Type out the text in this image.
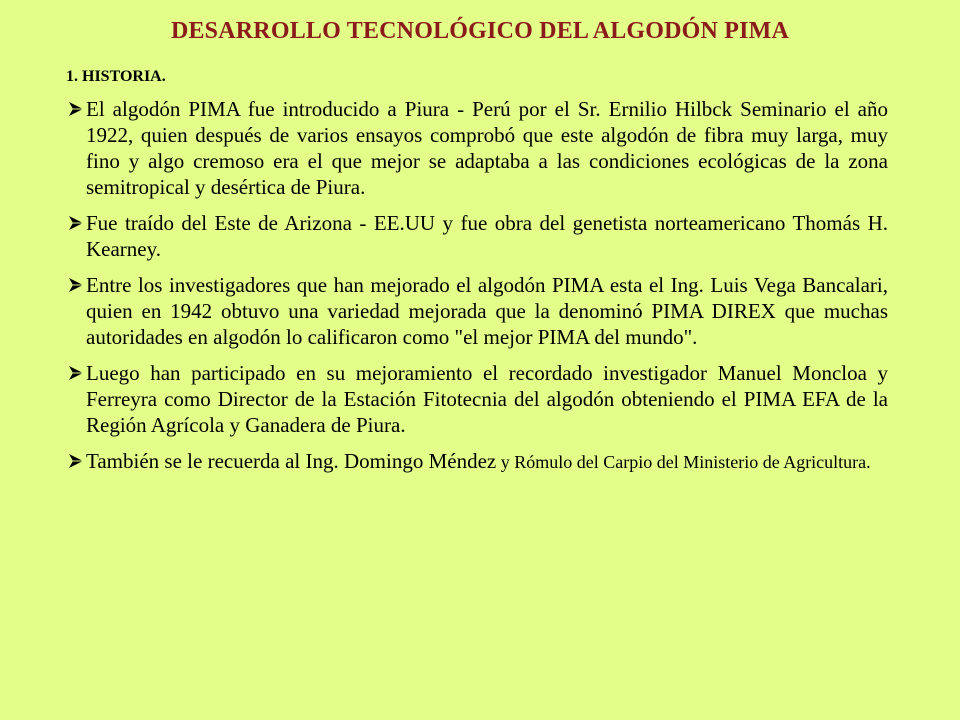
DESARROLLO TECNOLÓGICO DEL ALGODÓN PIMA
1. HISTORIA.
El algodón PIMA fue introducido a Piura - Perú por el Sr. Ernilio Hilbck Seminario el año 1922, quien después de varios ensayos comprobó que este algodón de fibra muy larga, muy fino y algo cremoso era el que mejor se adaptaba a las condiciones ecológicas de la zona semitropical y desértica de Piura.
Fue traído del Este de Arizona - EE.UU y fue obra del genetista norteamericano Thomás H. Kearney.
Entre los investigadores que han mejorado el algodón PIMA esta el Ing. Luis Vega Bancalari, quien en 1942 obtuvo una variedad mejorada que la denominó PIMA DIREX que muchas autoridades en algodón lo calificaron como "el mejor PIMA del mundo".
Luego han participado en su mejoramiento el recordado investigador Manuel Moncloa y Ferreyra como Director de la Estación Fitotecnia del algodón obteniendo el PIMA EFA de la Región Agrícola y Ganadera de Piura.
También se le recuerda al Ing. Domingo Méndez y Rómulo del Carpio del Ministerio de Agricultura.
